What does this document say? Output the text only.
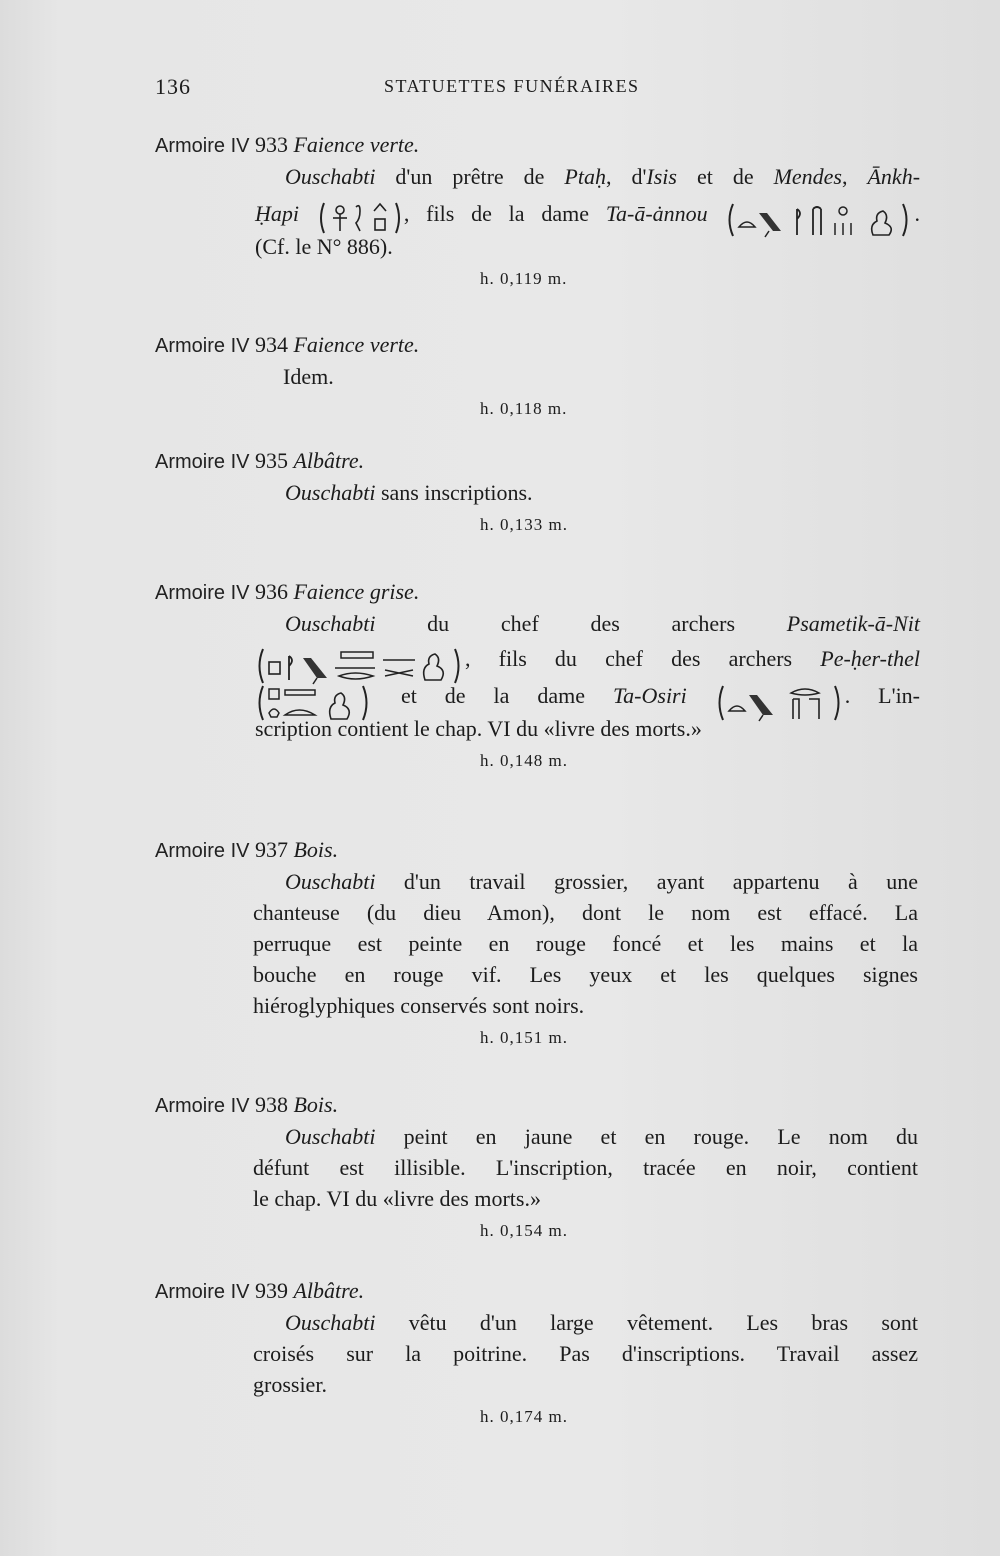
136	STATUETTES FUNÉRAIRES
Armoire IV 933 Faience verte.
Ouschabti d'un prêtre de Ptaḥ, d'Isis et de Mendes, Ānkh-
Ḥapi	, fils de la dame Ta-ā-ȧnnou	.
(Cf. le N° 886).
h. 0,119 m.
Armoire IV 934 Faience verte.
Idem.
h. 0,118 m.
Armoire IV 935 Albâtre.
Ouschabti sans inscriptions.
h. 0,133 m.
Armoire IV 936 Faience grise.
Ouschabti du chef des archers Psametik-ā-Nit
, fils du chef des archers Pe-ḥer-thel
et de la dame Ta-Osiri	. L'in-
scription contient le chap. VI du «livre des morts.»
h. 0,148 m.
Armoire IV 937 Bois.
Ouschabti d'un travail grossier, ayant appartenu à une
chanteuse (du dieu Amon), dont le nom est effacé. La
perruque est peinte en rouge foncé et les mains et la
bouche en rouge vif. Les yeux et les quelques signes
hiéroglyphiques conservés sont noirs.
h. 0,151 m.
Armoire IV 938 Bois.
Ouschabti peint en jaune et en rouge. Le nom du
défunt est illisible. L'inscription, tracée en noir, contient
le chap. VI du «livre des morts.»
h. 0,154 m.
Armoire IV 939 Albâtre.
Ouschabti vêtu d'un large vêtement. Les bras sont
croisés sur la poitrine. Pas d'inscriptions. Travail assez
grossier.
h. 0,174 m.
